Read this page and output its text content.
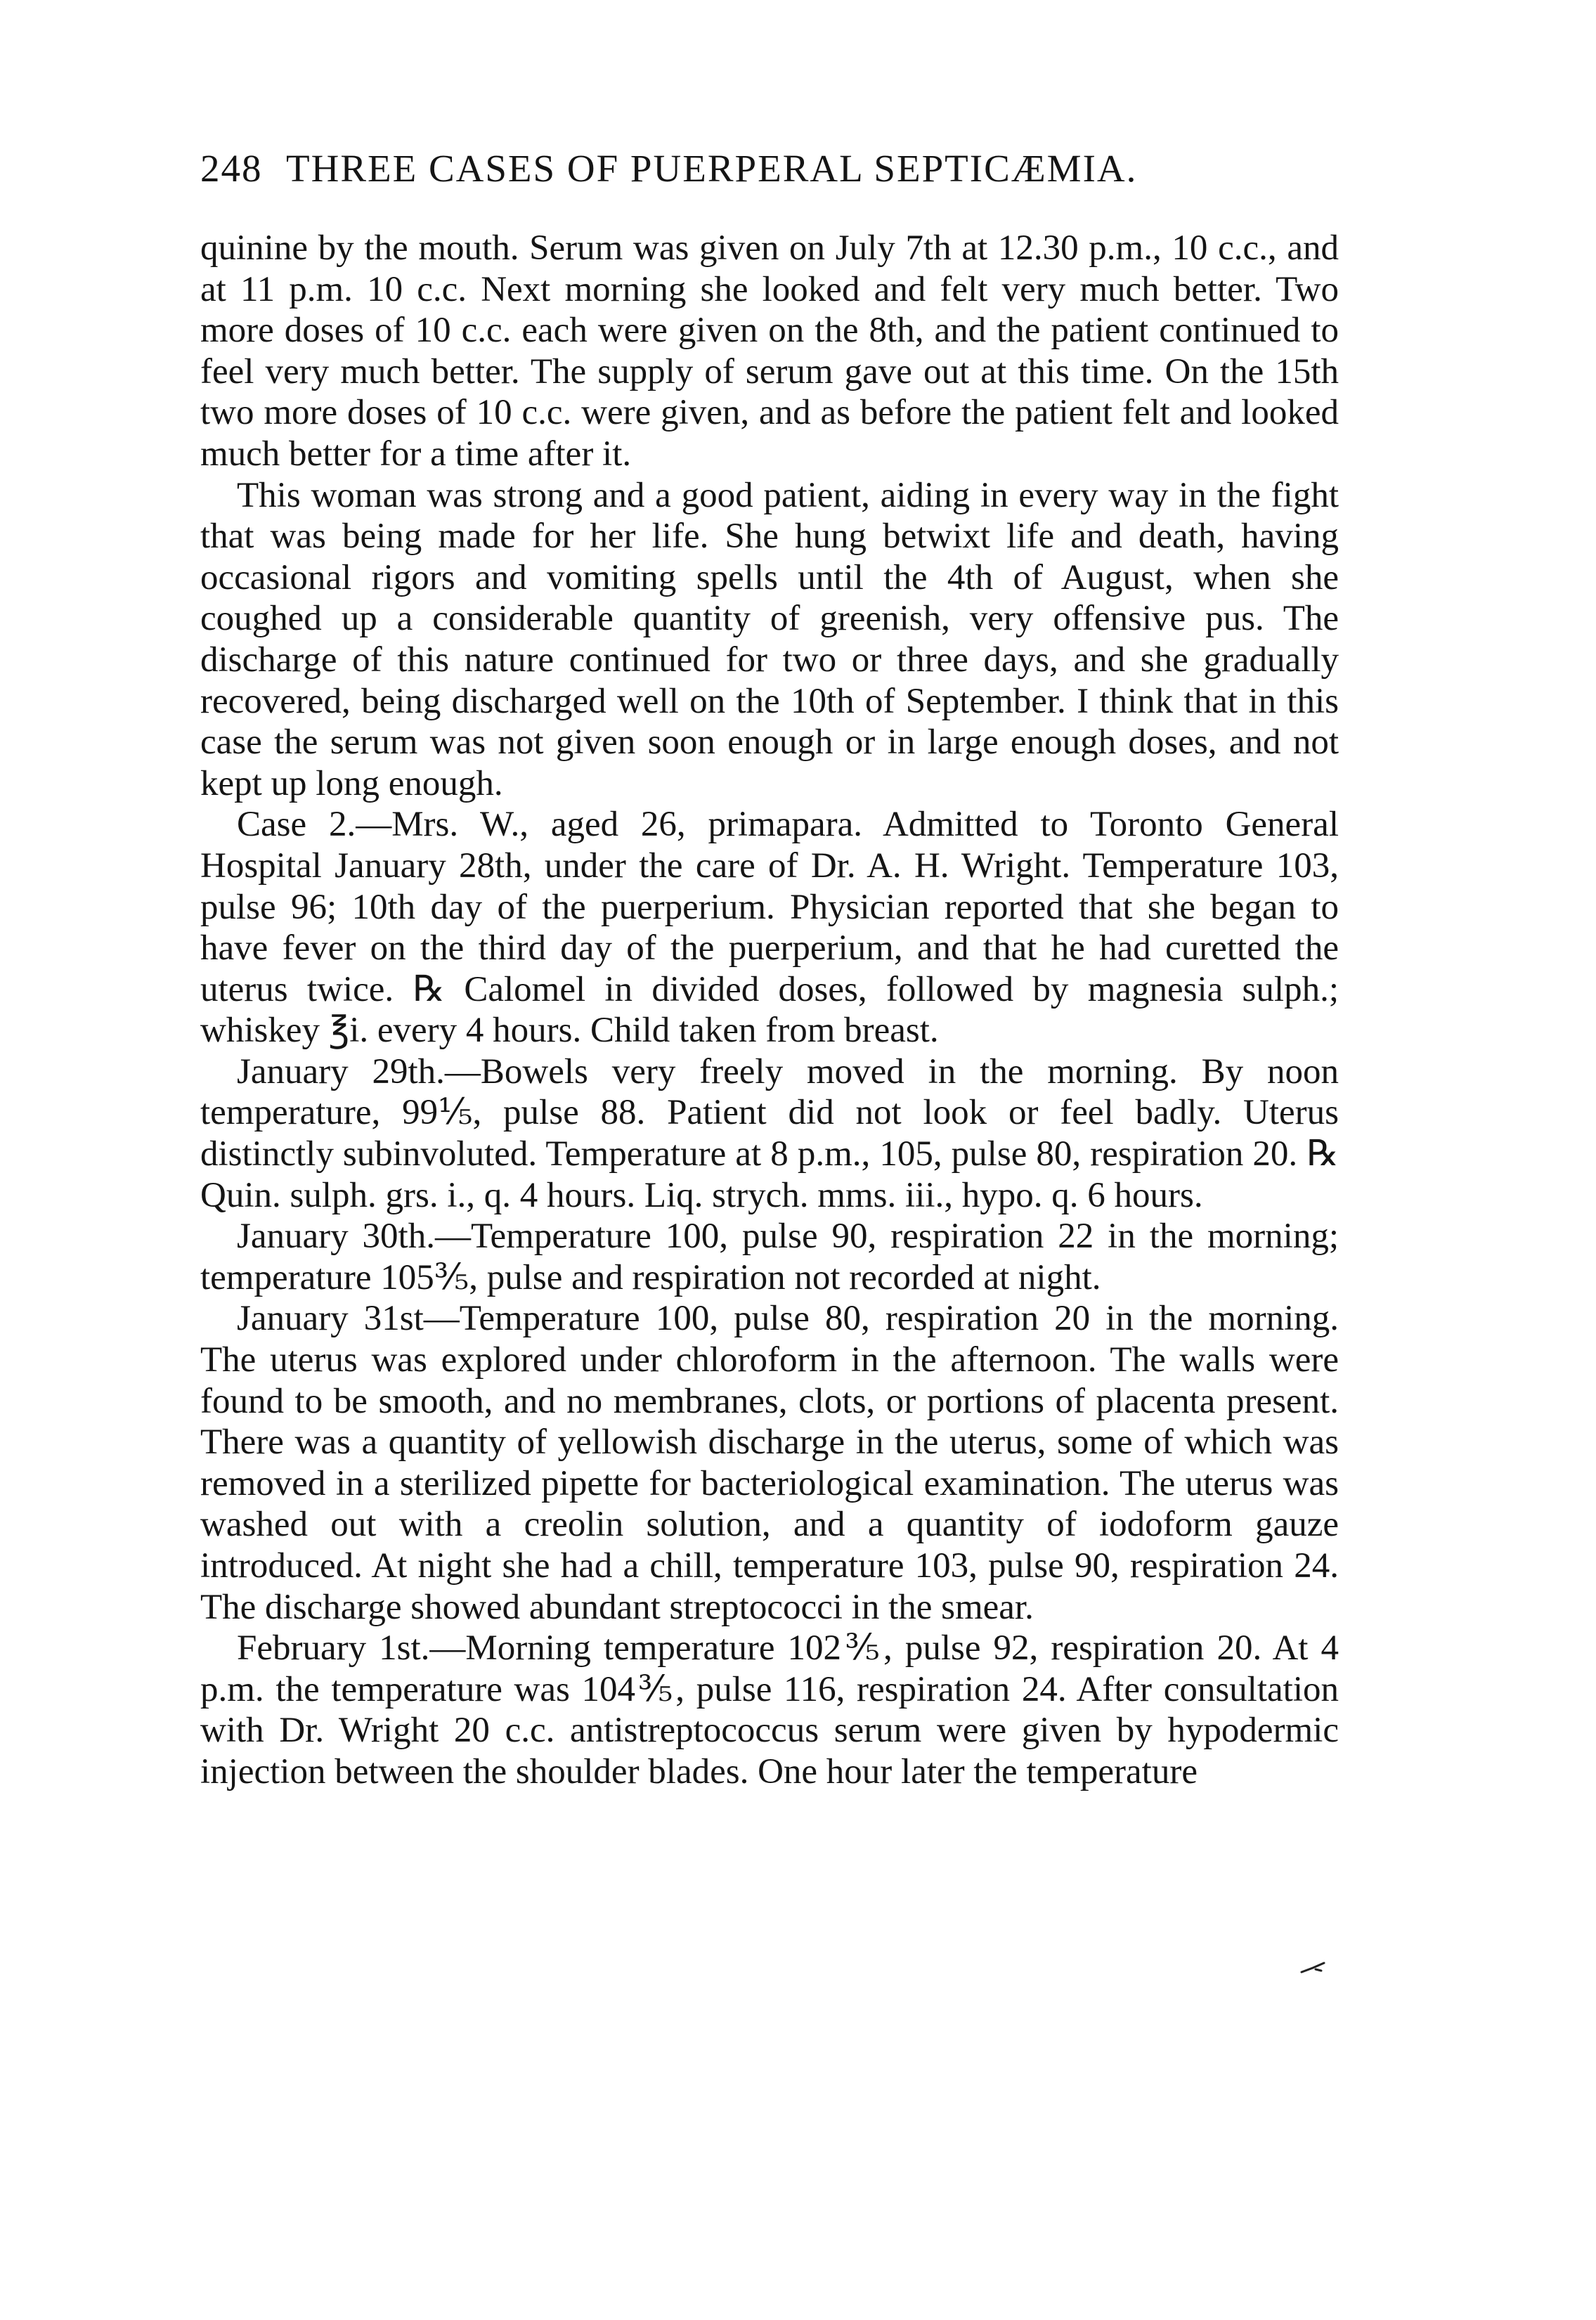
248 THREE CASES OF PUERPERAL SEPTICÆMIA.

quinine by the mouth. Serum was given on July 7th at 12.30 p.m., 10 c.c., and at 11 p.m. 10 c.c. Next morning she looked and felt very much better. Two more doses of 10 c.c. each were given on the 8th, and the patient continued to feel very much better. The supply of serum gave out at this time. On the 15th two more doses of 10 c.c. were given, and as before the patient felt and looked much better for a time after it.

This woman was strong and a good patient, aiding in every way in the fight that was being made for her life. She hung betwixt life and death, having occasional rigors and vomiting spells until the 4th of August, when she coughed up a considerable quantity of greenish, very offensive pus. The discharge of this nature continued for two or three days, and she gradually recovered, being discharged well on the 10th of September. I think that in this case the serum was not given soon enough or in large enough doses, and not kept up long enough.

Case 2.—Mrs. W., aged 26, primapara. Admitted to Toronto General Hospital January 28th, under the care of Dr. A. H. Wright. Temperature 103, pulse 96; 10th day of the puerperium. Physician reported that she began to have fever on the third day of the puerperium, and that he had curetted the uterus twice. ℞ Calomel in divided doses, followed by magnesia sulph.; whiskey ℥i. every 4 hours. Child taken from breast.

January 29th.—Bowels very freely moved in the morning. By noon temperature, 99⅕, pulse 88. Patient did not look or feel badly. Uterus distinctly subinvoluted. Temperature at 8 p.m., 105, pulse 80, respiration 20. ℞ Quin. sulph. grs. i., q. 4 hours. Liq. strych. mms. iii., hypo. q. 6 hours.

January 30th.—Temperature 100, pulse 90, respiration 22 in the morning; temperature 105⅗, pulse and respiration not recorded at night.

January 31st—Temperature 100, pulse 80, respiration 20 in the morning. The uterus was explored under chloroform in the afternoon. The walls were found to be smooth, and no membranes, clots, or portions of placenta present. There was a quantity of yellowish discharge in the uterus, some of which was removed in a sterilized pipette for bacteriological examination. The uterus was washed out with a creolin solution, and a quantity of iodoform gauze introduced. At night she had a chill, temperature 103, pulse 90, respiration 24. The discharge showed abundant streptococci in the smear.

February 1st.—Morning temperature 102⅗, pulse 92, respiration 20. At 4 p.m. the temperature was 104⅗, pulse 116, respiration 24. After consultation with Dr. Wright 20 c.c. antistreptococcus serum were given by hypodermic injection between the shoulder blades. One hour later the temperature
